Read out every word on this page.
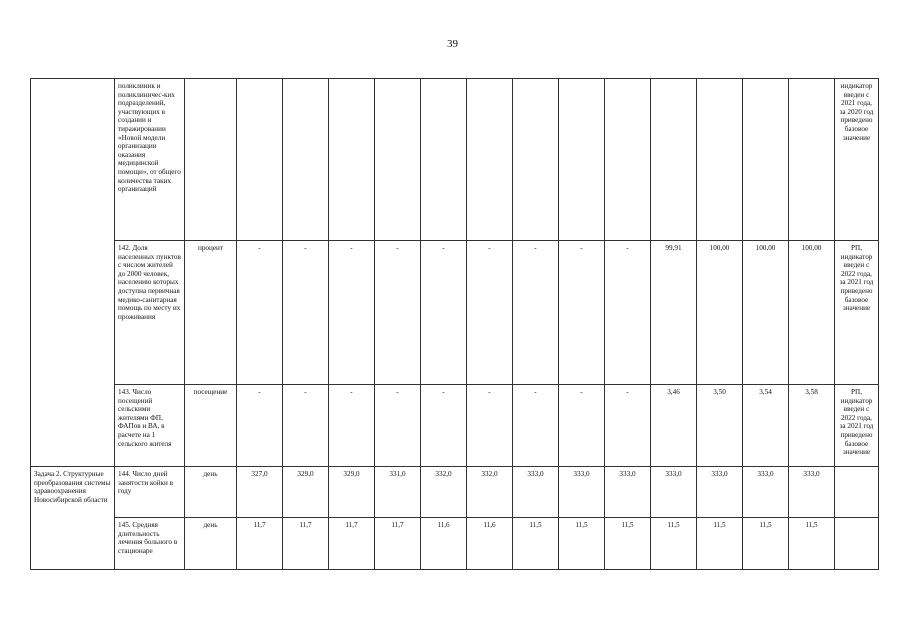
39
	поликлиник и поликлиничес-ких подразделений, участвующих в создании и тиражировании «Новой модели организации оказания медицинской помощи», от общего количества таких организаций															индикатор введен с 2021 года, за 2020 год приведено базовое значение
	142. Доля населенных пунктов с числом жителей до 2000 человек, населению которых доступна первичная медико-санитарная помощь по месту их проживания	процент	-	-	-	-	-	-	-	-	-	99,91	100,00	100,00	100,00	РП, индикатор введен с 2022 года, за 2021 год приведено базовое значение
	143. Число посещений сельскими жителями ФП, ФАПов и ВА, в расчете на 1 сельского жителя	посещение	-	-	-	-	-	-	-	-	-	3,46	3,50	3,54	3,58	РП, индикатор введен с 2022 года, за 2021 год приведено базовое значение
Задача 2. Структурные преобразования системы здравоохранения Новосибирской области	144. Число дней занятости койки в году	день	327,0	329,0	329,0	331,0	332,0	332,0	333,0	333,0	333,0	333,0	333,0	333,0	333,0	
	145. Средняя длительность лечения больного в стационаре	день	11,7	11,7	11,7	11,7	11,6	11,6	11,5	11,5	11,5	11,5	11,5	11,5	11,5	
